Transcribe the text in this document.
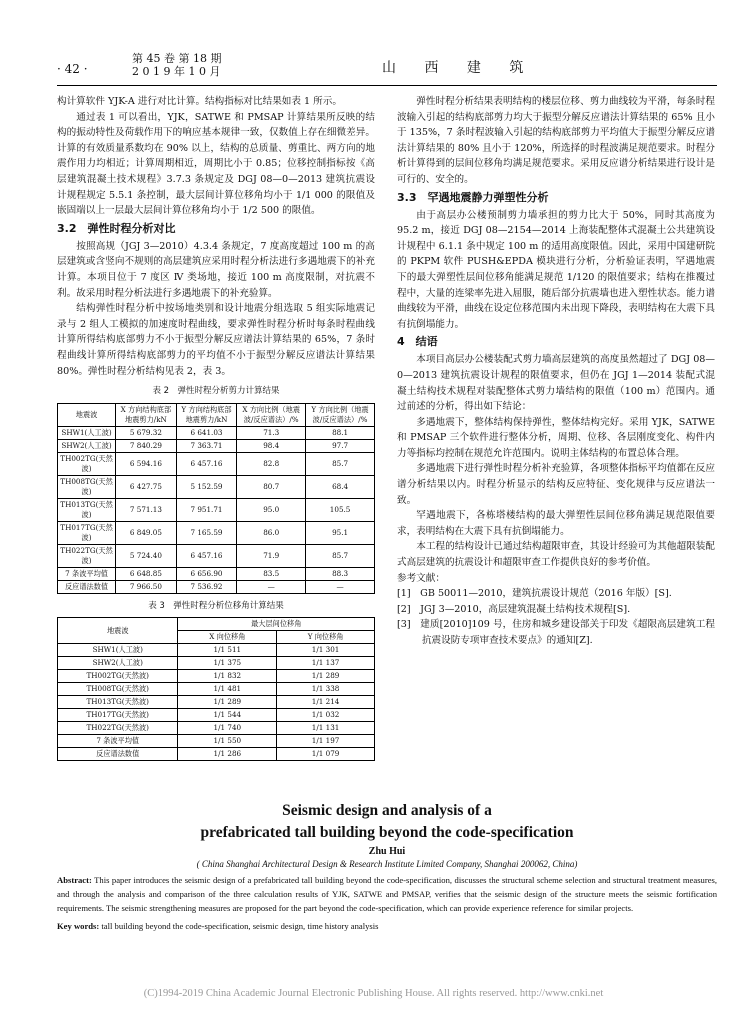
· 42 ·
第 45 卷 第 18 期
2 0 1 9 年 1 0 月	山 西 建 筑

构计算软件 YJK-A 进行对比计算。结构指标对比结果如表 1 所示。

通过表 1 可以看出，YJK，SATWE 和 PMSAP 计算结果所反映的结构的振动特性及荷载作用下的响应基本规律一致，仅数值上存在细微差异。计算的有效质量系数均在 90% 以上，结构的总质量、剪重比、两方向的地震作用力均相近；计算周期相近，周期比小于 0.85；位移控制指标按《高层建筑混凝土技术规程》3.7.3 条规定及 DGJ 08—0—2013 建筑抗震设计规程规定 5.5.1 条控制，最大层间计算位移角均小于 1/1 000 的限值及嵌固端以上一层最大层间计算位移角均小于 1/2 500 的限值。

3.2　弹性时程分析对比

按照高规（JGJ 3—2010）4.3.4 条规定，7 度高度超过 100 m 的高层建筑或含竖向不规则的高层建筑应采用时程分析法进行多遇地震下的补充计算。本项目位于 7 度区 Ⅳ 类场地，接近 100 m 高度限制，对抗震不利。故采用时程分析法进行多遇地震下的补充验算。

结构弹性时程分析中按场地类别和设计地震分组选取 5 组实际地震记录与 2 组人工模拟的加速度时程曲线，要求弹性时程分析时每条时程曲线计算所得结构底部剪力不小于振型分解反应谱法计算结果的 65%，7 条时程曲线计算所得结构底部剪力的平均值不小于振型分解反应谱法计算结果 80%。弹性时程分析结构见表 2，表 3。

表 2　弹性时程分析剪力计算结果
地震波	X 方向结构底部地震剪力/kN	Y 方向结构底部地震剪力/kN	X 方向比例（地震波/反应谱法）/%	Y 方向比例（地震波/反应谱法）/%
SHW1(人工波)	5 679.32	6 641.03	71.3	88.1
SHW2(人工波)	7 840.29	7 363.71	98.4	97.7
TH002TG(天然波)	6 594.16	6 457.16	82.8	85.7
TH008TG(天然波)	6 427.75	5 152.59	80.7	68.4
TH013TG(天然波)	7 571.13	7 951.71	95.0	105.5
TH017TG(天然波)	6 849.05	7 165.59	86.0	95.1
TH022TG(天然波)	5 724.40	6 457.16	71.9	85.7
7 条波平均值	6 648.85	6 656.90	83.5	88.3
反应谱法数值	7 966.50	7 536.92	—	—
表 3　弹性时程分析位移角计算结果
地震波	最大层间位移角	
	X 向位移角	Y 向位移角
SHW1(人工波)	1/1 511	1/1 301
SHW2(人工波)	1/1 375	1/1 137
TH002TG(天然波)	1/1 832	1/1 289
TH008TG(天然波)	1/1 481	1/1 338
TH013TG(天然波)	1/1 289	1/1 214
TH017TG(天然波)	1/1 544	1/1 032
TH022TG(天然波)	1/1 740	1/1 131
7 条波平均值	1/1 550	1/1 197
反应谱法数值	1/1 286	1/1 079

弹性时程分析结果表明结构的楼层位移、剪力曲线较为平滑，每条时程波输入引起的结构底部剪力均大于振型分解反应谱法计算结果的 65% 且小于 135%，7 条时程波输入引起的结构底部剪力平均值大于振型分解反应谱法计算结果的 80% 且小于 120%，所选择的时程波满足规范要求。时程分析计算得到的层间位移角均满足规范要求。采用反应谱分析结果进行设计是可行的、安全的。

3.3　罕遇地震静力弹塑性分析

由于高层办公楼预制剪力墙承担的剪力比大于 50%，同时其高度为 95.2 m，接近 DGJ 08—2154—2014 上海装配整体式混凝土公共建筑设计规程中 6.1.1 条中规定 100 m 的适用高度限值。因此，采用中国建研院的 PKPM 软件 PUSH&EPDA 模块进行分析，分析验证表明，罕遇地震下的最大弹塑性层间位移角能满足规范 1/120 的限值要求；结构在推覆过程中，大量的连梁率先进入屈服，随后部分抗震墙也进入塑性状态。能力谱曲线较为平滑，曲线在设定位移范围内未出现下降段，表明结构在大震下具有抗倒塌能力。

4　结语

本项目高层办公楼装配式剪力墙高层建筑的高度虽然超过了 DGJ 08—0—2013 建筑抗震设计规程的限值要求，但仍在 JGJ 1—2014 装配式混凝土结构技术规程对装配整体式剪力墙结构的限值（100 m）范围内。通过前述的分析，得出如下结论：

多遇地震下，整体结构保持弹性，整体结构完好。采用 YJK，SATWE 和 PMSAP 三个软件进行整体分析，周期、位移、各层刚度变化、构件内力等指标均控制在规范允许范围内。说明主体结构的布置总体合理。

多遇地震下进行弹性时程分析补充验算，各项整体指标平均值都在反应谱分析结果以内。时程分析显示的结构反应特征、变化规律与反应谱法一致。

罕遇地震下，各栋塔楼结构的最大弹塑性层间位移角满足规范限值要求，表明结构在大震下具有抗倒塌能力。

本工程的结构设计已通过结构超限审查，其设计经验可为其他超限装配式高层建筑的抗震设计和超限审查工作提供良好的参考价值。

参考文献：

[1]　GB 50011—2010，建筑抗震设计规范（2016 年版）[S].

[2]　JGJ 3—2010，高层建筑混凝土结构技术规程[S].

[3]　建质[2010]109 号，住房和城乡建设部关于印发《超限高层建筑工程抗震设防专项审查技术要点》的通知[Z].

Seismic design and analysis of a
prefabricated tall building beyond the code-specification
Zhu Hui
( China Shanghai Architectural Design & Research Institute Limited Company, Shanghai 200062, China)
Abstract: This paper introduces the seismic design of a prefabricated tall building beyond the code-specification, discusses the structural scheme selection and structural treatment measures, and through the analysis and comparison of the three calculation results of YJK, SATWE and PMSAP, verifies that the seismic design of the structure meets the seismic fortification requirements. The seismic strengthening measures are proposed for the part beyond the code-specification, which can provide experience reference for similar projects.
Key words: tall building beyond the code-specification, seismic design, time history analysis
(C)1994-2019 China Academic Journal Electronic Publishing House. All rights reserved. http://www.cnki.net
